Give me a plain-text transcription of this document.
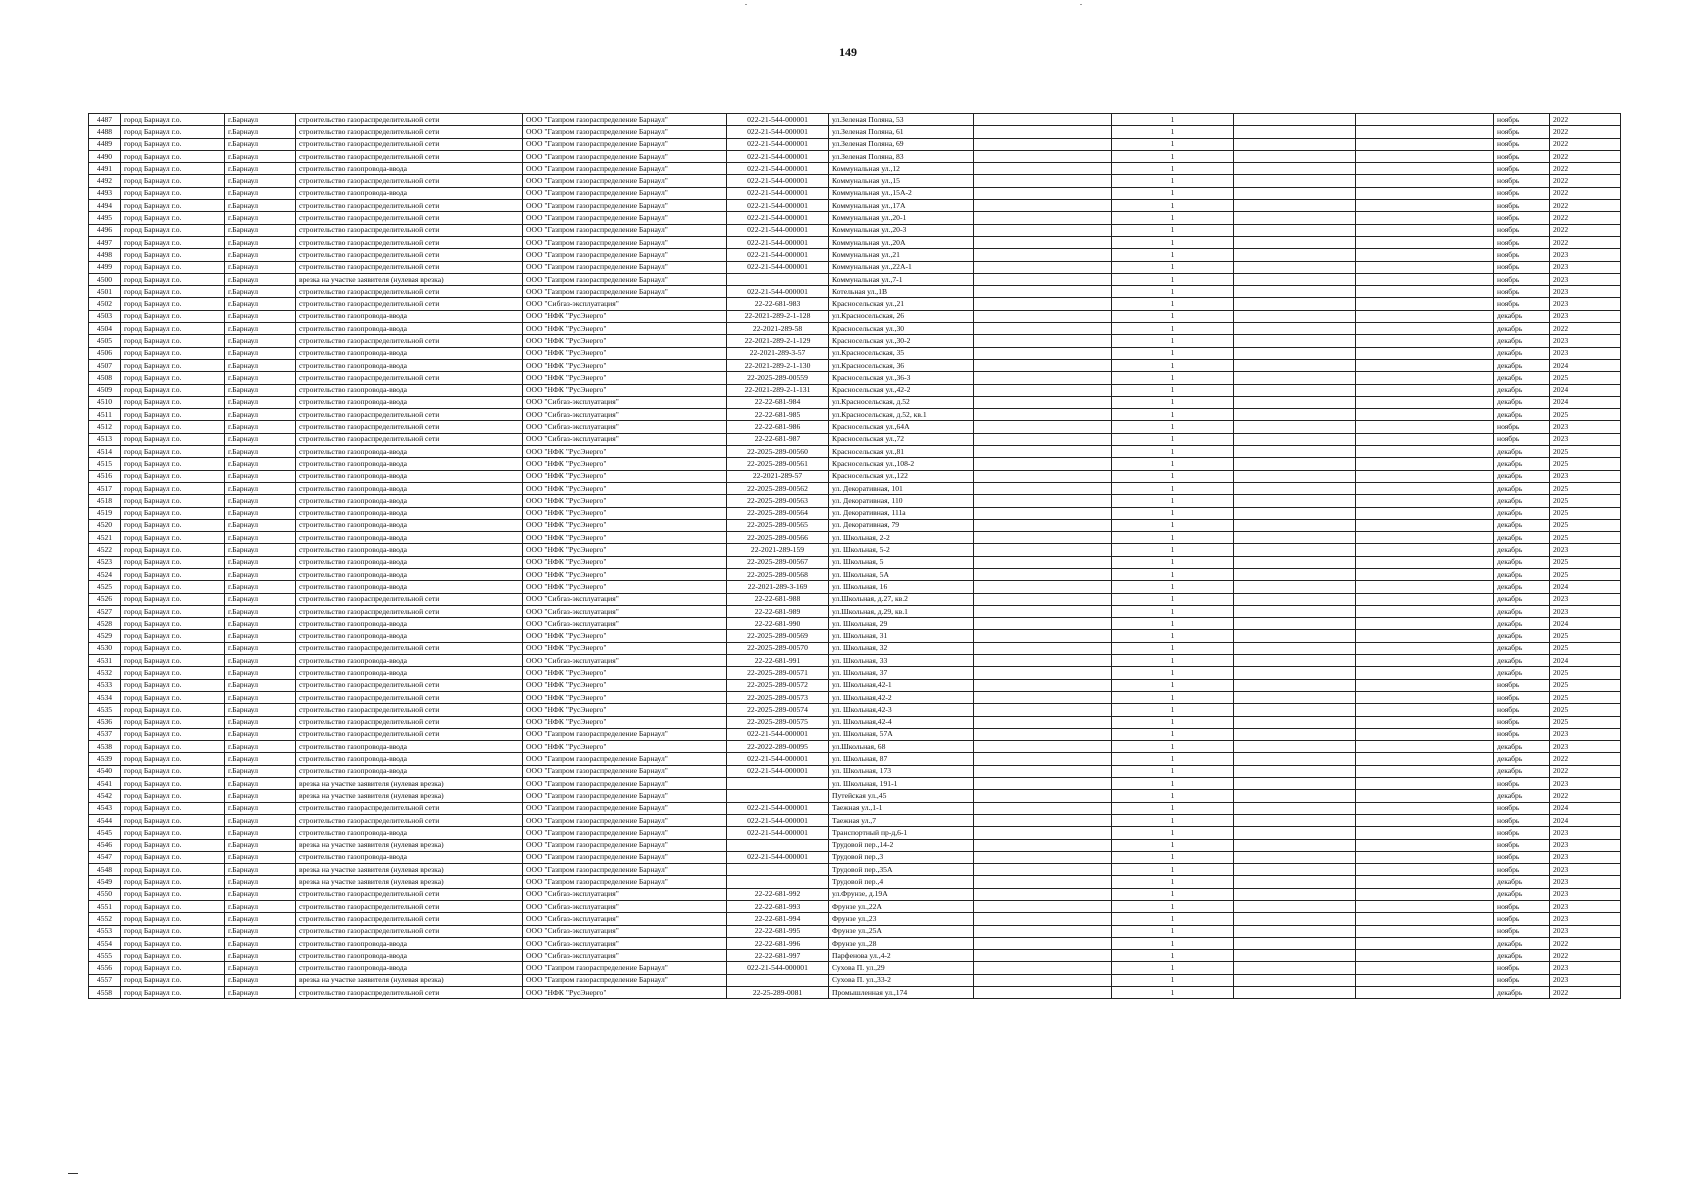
149
4487	город Барнаул г.о.	г.Барнаул	строительство газораспределительной сети	ООО "Газпром газораспределение Барнаул"	022-21-544-000001	ул.Зеленая Поляна, 53		1			ноябрь	2022
4488	город Барнаул г.о.	г.Барнаул	строительство газораспределительной сети	ООО "Газпром газораспределение Барнаул"	022-21-544-000001	ул.Зеленая Поляна, 61		1			ноябрь	2022
4489	город Барнаул г.о.	г.Барнаул	строительство газораспределительной сети	ООО "Газпром газораспределение Барнаул"	022-21-544-000001	ул.Зеленая Поляна, 69		1			ноябрь	2022
4490	город Барнаул г.о.	г.Барнаул	строительство газораспределительной сети	ООО "Газпром газораспределение Барнаул"	022-21-544-000001	ул.Зеленая Поляна, 83		1			ноябрь	2022
4491	город Барнаул г.о.	г.Барнаул	строительство газопровода-ввода	ООО "Газпром газораспределение Барнаул"	022-21-544-000001	Коммунальная ул.,12		1			ноябрь	2022
4492	город Барнаул г.о.	г.Барнаул	строительство газораспределительной сети	ООО "Газпром газораспределение Барнаул"	022-21-544-000001	Коммунальная ул.,15		1			ноябрь	2022
4493	город Барнаул г.о.	г.Барнаул	строительство газопровода-ввода	ООО "Газпром газораспределение Барнаул"	022-21-544-000001	Коммунальная ул.,15А-2		1			ноябрь	2022
4494	город Барнаул г.о.	г.Барнаул	строительство газораспределительной сети	ООО "Газпром газораспределение Барнаул"	022-21-544-000001	Коммунальная ул.,17А		1			ноябрь	2022
4495	город Барнаул г.о.	г.Барнаул	строительство газораспределительной сети	ООО "Газпром газораспределение Барнаул"	022-21-544-000001	Коммунальная ул.,20-1		1			ноябрь	2022
4496	город Барнаул г.о.	г.Барнаул	строительство газораспределительной сети	ООО "Газпром газораспределение Барнаул"	022-21-544-000001	Коммунальная ул.,20-3		1			ноябрь	2022
4497	город Барнаул г.о.	г.Барнаул	строительство газораспределительной сети	ООО "Газпром газораспределение Барнаул"	022-21-544-000001	Коммунальная ул.,20А		1			ноябрь	2022
4498	город Барнаул г.о.	г.Барнаул	строительство газораспределительной сети	ООО "Газпром газораспределение Барнаул"	022-21-544-000001	Коммунальная ул.,21		1			ноябрь	2023
4499	город Барнаул г.о.	г.Барнаул	строительство газораспределительной сети	ООО "Газпром газораспределение Барнаул"	022-21-544-000001	Коммунальная ул.,22А-1		1			ноябрь	2023
4500	город Барнаул г.о.	г.Барнаул	врезка на участке заявителя (нулевая врезка)	ООО "Газпром газораспределение Барнаул"		Коммунальная ул.,7-1		1			ноябрь	2023
4501	город Барнаул г.о.	г.Барнаул	строительство газораспределительной сети	ООО "Газпром газораспределение Барнаул"	022-21-544-000001	Котельная ул.,1В		1			ноябрь	2023
4502	город Барнаул г.о.	г.Барнаул	строительство газораспределительной сети	ООО "Сибгаз-эксплуатация"	22-22-681-983	Красносельская ул.,21		1			ноябрь	2023
4503	город Барнаул г.о.	г.Барнаул	строительство газопровода-ввода	ООО "НФК "РусЭнерго"	22-2021-289-2-1-128	ул.Красносельская, 26		1			декабрь	2023
4504	город Барнаул г.о.	г.Барнаул	строительство газопровода-ввода	ООО "НФК "РусЭнерго"	22-2021-289-58	Красносельская ул.,30		1			декабрь	2022
4505	город Барнаул г.о.	г.Барнаул	строительство газораспределительной сети	ООО "НФК "РусЭнерго"	22-2021-289-2-1-129	Красносельская ул.,30-2		1			декабрь	2023
4506	город Барнаул г.о.	г.Барнаул	строительство газопровода-ввода	ООО "НФК "РусЭнерго"	22-2021-289-3-57	ул.Красносельская, 35		1			декабрь	2023
4507	город Барнаул г.о.	г.Барнаул	строительство газопровода-ввода	ООО "НФК "РусЭнерго"	22-2021-289-2-1-130	ул.Красносельская, 36		1			декабрь	2024
4508	город Барнаул г.о.	г.Барнаул	строительство газораспределительной сети	ООО "НФК "РусЭнерго"	22-2025-289-00559	Красносельская ул.,36-3		1			декабрь	2025
4509	город Барнаул г.о.	г.Барнаул	строительство газопровода-ввода	ООО "НФК "РусЭнерго"	22-2021-289-2-1-131	Красносельская ул.,42-2		1			декабрь	2024
4510	город Барнаул г.о.	г.Барнаул	строительство газопровода-ввода	ООО "Сибгаз-эксплуатация"	22-22-681-984	ул.Красносельская, д.52		1			декабрь	2024
4511	город Барнаул г.о.	г.Барнаул	строительство газораспределительной сети	ООО "Сибгаз-эксплуатация"	22-22-681-985	ул.Красносельская, д.52, кв.1		1			декабрь	2025
4512	город Барнаул г.о.	г.Барнаул	строительство газораспределительной сети	ООО "Сибгаз-эксплуатация"	22-22-681-986	Красносельская ул.,64А		1			ноябрь	2023
4513	город Барнаул г.о.	г.Барнаул	строительство газораспределительной сети	ООО "Сибгаз-эксплуатация"	22-22-681-987	Красносельская ул.,72		1			ноябрь	2023
4514	город Барнаул г.о.	г.Барнаул	строительство газопровода-ввода	ООО "НФК "РусЭнерго"	22-2025-289-00560	Красносельская ул.,81		1			декабрь	2025
4515	город Барнаул г.о.	г.Барнаул	строительство газопровода-ввода	ООО "НФК "РусЭнерго"	22-2025-289-00561	Красносельская ул.,108-2		1			декабрь	2025
4516	город Барнаул г.о.	г.Барнаул	строительство газопровода-ввода	ООО "НФК "РусЭнерго"	22-2021-289-57	Красносельская ул.,122		1			декабрь	2023
4517	город Барнаул г.о.	г.Барнаул	строительство газопровода-ввода	ООО "НФК "РусЭнерго"	22-2025-289-00562	ул. Декоративная, 101		1			декабрь	2025
4518	город Барнаул г.о.	г.Барнаул	строительство газопровода-ввода	ООО "НФК "РусЭнерго"	22-2025-289-00563	ул. Декоративная, 110		1			декабрь	2025
4519	город Барнаул г.о.	г.Барнаул	строительство газопровода-ввода	ООО "НФК "РусЭнерго"	22-2025-289-00564	ул. Декоративная, 111а		1			декабрь	2025
4520	город Барнаул г.о.	г.Барнаул	строительство газопровода-ввода	ООО "НФК "РусЭнерго"	22-2025-289-00565	ул. Декоративная, 79		1			декабрь	2025
4521	город Барнаул г.о.	г.Барнаул	строительство газопровода-ввода	ООО "НФК "РусЭнерго"	22-2025-289-00566	ул. Школьная, 2-2		1			декабрь	2025
4522	город Барнаул г.о.	г.Барнаул	строительство газопровода-ввода	ООО "НФК "РусЭнерго"	22-2021-289-159	ул. Школьная, 5-2		1			декабрь	2023
4523	город Барнаул г.о.	г.Барнаул	строительство газопровода-ввода	ООО "НФК "РусЭнерго"	22-2025-289-00567	ул. Школьная, 5		1			декабрь	2025
4524	город Барнаул г.о.	г.Барнаул	строительство газопровода-ввода	ООО "НФК "РусЭнерго"	22-2025-289-00568	ул. Школьная, 5А		1			декабрь	2025
4525	город Барнаул г.о.	г.Барнаул	строительство газопровода-ввода	ООО "НФК "РусЭнерго"	22-2021-289-3-169	ул. Школьная, 16		1			декабрь	2024
4526	город Барнаул г.о.	г.Барнаул	строительство газораспределительной сети	ООО "Сибгаз-эксплуатация"	22-22-681-988	ул.Школьная, д.27, кв.2		1			декабрь	2023
4527	город Барнаул г.о.	г.Барнаул	строительство газораспределительной сети	ООО "Сибгаз-эксплуатация"	22-22-681-989	ул.Школьная, д.29, кв.1		1			декабрь	2023
4528	город Барнаул г.о.	г.Барнаул	строительство газопровода-ввода	ООО "Сибгаз-эксплуатация"	22-22-681-990	ул. Школьная, 29		1			декабрь	2024
4529	город Барнаул г.о.	г.Барнаул	строительство газопровода-ввода	ООО "НФК "РусЭнерго"	22-2025-289-00569	ул. Школьная, 31		1			декабрь	2025
4530	город Барнаул г.о.	г.Барнаул	строительство газораспределительной сети	ООО "НФК "РусЭнерго"	22-2025-289-00570	ул. Школьная, 32		1			декабрь	2025
4531	город Барнаул г.о.	г.Барнаул	строительство газопровода-ввода	ООО "Сибгаз-эксплуатация"	22-22-681-991	ул. Школьная, 33		1			декабрь	2024
4532	город Барнаул г.о.	г.Барнаул	строительство газопровода-ввода	ООО "НФК "РусЭнерго"	22-2025-289-00571	ул. Школьная, 37		1			декабрь	2025
4533	город Барнаул г.о.	г.Барнаул	строительство газораспределительной сети	ООО "НФК "РусЭнерго"	22-2025-289-00572	ул. Школьная,42-1		1			ноябрь	2025
4534	город Барнаул г.о.	г.Барнаул	строительство газораспределительной сети	ООО "НФК "РусЭнерго"	22-2025-289-00573	ул. Школьная,42-2		1			ноябрь	2025
4535	город Барнаул г.о.	г.Барнаул	строительство газораспределительной сети	ООО "НФК "РусЭнерго"	22-2025-289-00574	ул. Школьная,42-3		1			ноябрь	2025
4536	город Барнаул г.о.	г.Барнаул	строительство газораспределительной сети	ООО "НФК "РусЭнерго"	22-2025-289-00575	ул. Школьная,42-4		1			ноябрь	2025
4537	город Барнаул г.о.	г.Барнаул	строительство газораспределительной сети	ООО "Газпром газораспределение Барнаул"	022-21-544-000001	ул. Школьная, 57А		1			ноябрь	2023
4538	город Барнаул г.о.	г.Барнаул	строительство газопровода-ввода	ООО "НФК "РусЭнерго"	22-2022-289-00095	ул.Школьная, 68		1			декабрь	2023
4539	город Барнаул г.о.	г.Барнаул	строительство газопровода-ввода	ООО "Газпром газораспределение Барнаул"	022-21-544-000001	ул. Школьная, 87		1			декабрь	2022
4540	город Барнаул г.о.	г.Барнаул	строительство газопровода-ввода	ООО "Газпром газораспределение Барнаул"	022-21-544-000001	ул. Школьная, 173		1			декабрь	2022
4541	город Барнаул г.о.	г.Барнаул	врезка на участке заявителя (нулевая врезка)	ООО "Газпром газораспределение Барнаул"		ул. Школьная, 191-1		1			ноябрь	2023
4542	город Барнаул г.о.	г.Барнаул	врезка на участке заявителя (нулевая врезка)	ООО "Газпром газораспределение Барнаул"		Путейская ул.,45		1			декабрь	2022
4543	город Барнаул г.о.	г.Барнаул	строительство газораспределительной сети	ООО "Газпром газораспределение Барнаул"	022-21-544-000001	Таежная ул.,1-1		1			ноябрь	2024
4544	город Барнаул г.о.	г.Барнаул	строительство газораспределительной сети	ООО "Газпром газораспределение Барнаул"	022-21-544-000001	Таежная ул.,7		1			ноябрь	2024
4545	город Барнаул г.о.	г.Барнаул	строительство газопровода-ввода	ООО "Газпром газораспределение Барнаул"	022-21-544-000001	Транспортный пр-д,6-1		1			ноябрь	2023
4546	город Барнаул г.о.	г.Барнаул	врезка на участке заявителя (нулевая врезка)	ООО "Газпром газораспределение Барнаул"		Трудовой пер.,14-2		1			ноябрь	2023
4547	город Барнаул г.о.	г.Барнаул	строительство газопровода-ввода	ООО "Газпром газораспределение Барнаул"	022-21-544-000001	Трудовой пер.,3		1			ноябрь	2023
4548	город Барнаул г.о.	г.Барнаул	врезка на участке заявителя (нулевая врезка)	ООО "Газпром газораспределение Барнаул"		Трудовой пер.,35А		1			ноябрь	2023
4549	город Барнаул г.о.	г.Барнаул	врезка на участке заявителя (нулевая врезка)	ООО "Газпром газораспределение Барнаул"		Трудовой пер.,4		1			декабрь	2023
4550	город Барнаул г.о.	г.Барнаул	строительство газораспределительной сети	ООО "Сибгаз-эксплуатация"	22-22-681-992	ул.Фрунзе, д.19А		1			декабрь	2023
4551	город Барнаул г.о.	г.Барнаул	строительство газораспределительной сети	ООО "Сибгаз-эксплуатация"	22-22-681-993	Фрунзе ул.,22А		1			ноябрь	2023
4552	город Барнаул г.о.	г.Барнаул	строительство газораспределительной сети	ООО "Сибгаз-эксплуатация"	22-22-681-994	Фрунзе ул.,23		1			ноябрь	2023
4553	город Барнаул г.о.	г.Барнаул	строительство газораспределительной сети	ООО "Сибгаз-эксплуатация"	22-22-681-995	Фрунзе ул.,25А		1			ноябрь	2023
4554	город Барнаул г.о.	г.Барнаул	строительство газопровода-ввода	ООО "Сибгаз-эксплуатация"	22-22-681-996	Фрунзе ул.,28		1			декабрь	2022
4555	город Барнаул г.о.	г.Барнаул	строительство газопровода-ввода	ООО "Сибгаз-эксплуатация"	22-22-681-997	Парфенова ул.,4-2		1			декабрь	2022
4556	город Барнаул г.о.	г.Барнаул	строительство газопровода-ввода	ООО "Газпром газораспределение Барнаул"	022-21-544-000001	Сухова П. ул.,29		1			ноябрь	2023
4557	город Барнаул г.о.	г.Барнаул	врезка на участке заявителя (нулевая врезка)	ООО "Газпром газораспределение Барнаул"		Сухова П. ул.,33-2		1			ноябрь	2023
4558	город Барнаул г.о.	г.Барнаул	строительство газораспределительной сети	ООО "НФК "РусЭнерго"	22-25-289-0081	Промышленная ул.,174		1			декабрь	2022
